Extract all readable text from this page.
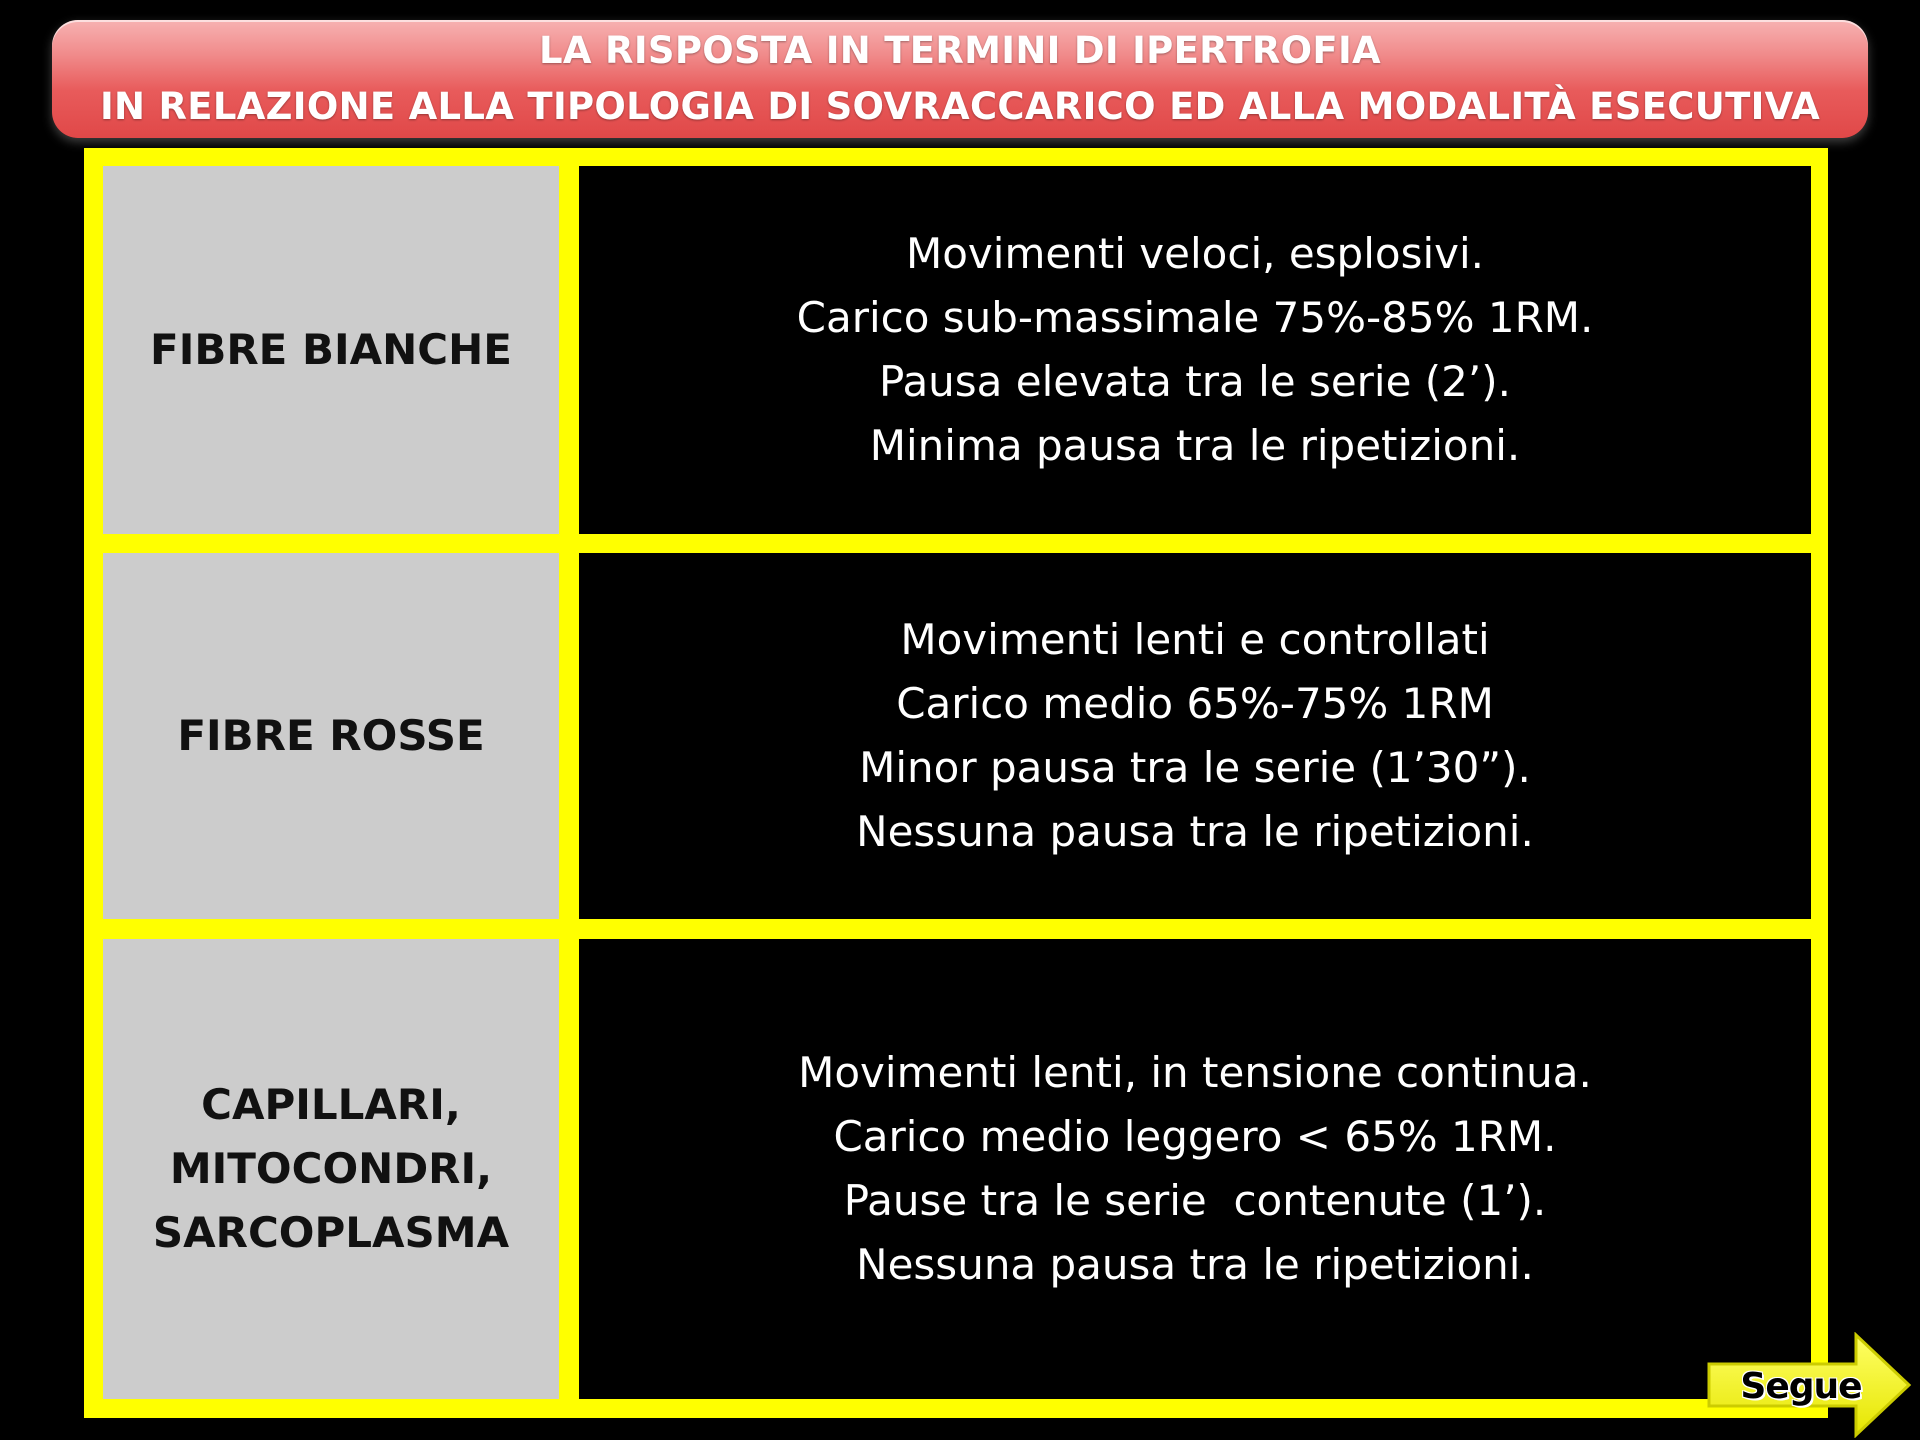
LA RISPOSTA IN TERMINI DI IPERTROFIA
IN RELAZIONE ALLA TIPOLOGIA DI SOVRACCARICO ED ALLA MODALITÀ ESECUTIVA
FIBRE BIANCHE
Movimenti veloci, esplosivi.
Carico sub-massimale 75%-85% 1RM.
Pausa elevata tra le serie (2’).
Minima pausa tra le ripetizioni.
FIBRE ROSSE
Movimenti lenti e controllati
Carico medio 65%-75% 1RM
Minor pausa tra le serie (1’30”).
Nessuna pausa tra le ripetizioni.
CAPILLARI,
MITOCONDRI,
SARCOPLASMA
Movimenti lenti, in tensione continua.
Carico medio leggero < 65% 1RM.
Pause tra le serie  contenute (1’).
Nessuna pausa tra le ripetizioni.
Segue
